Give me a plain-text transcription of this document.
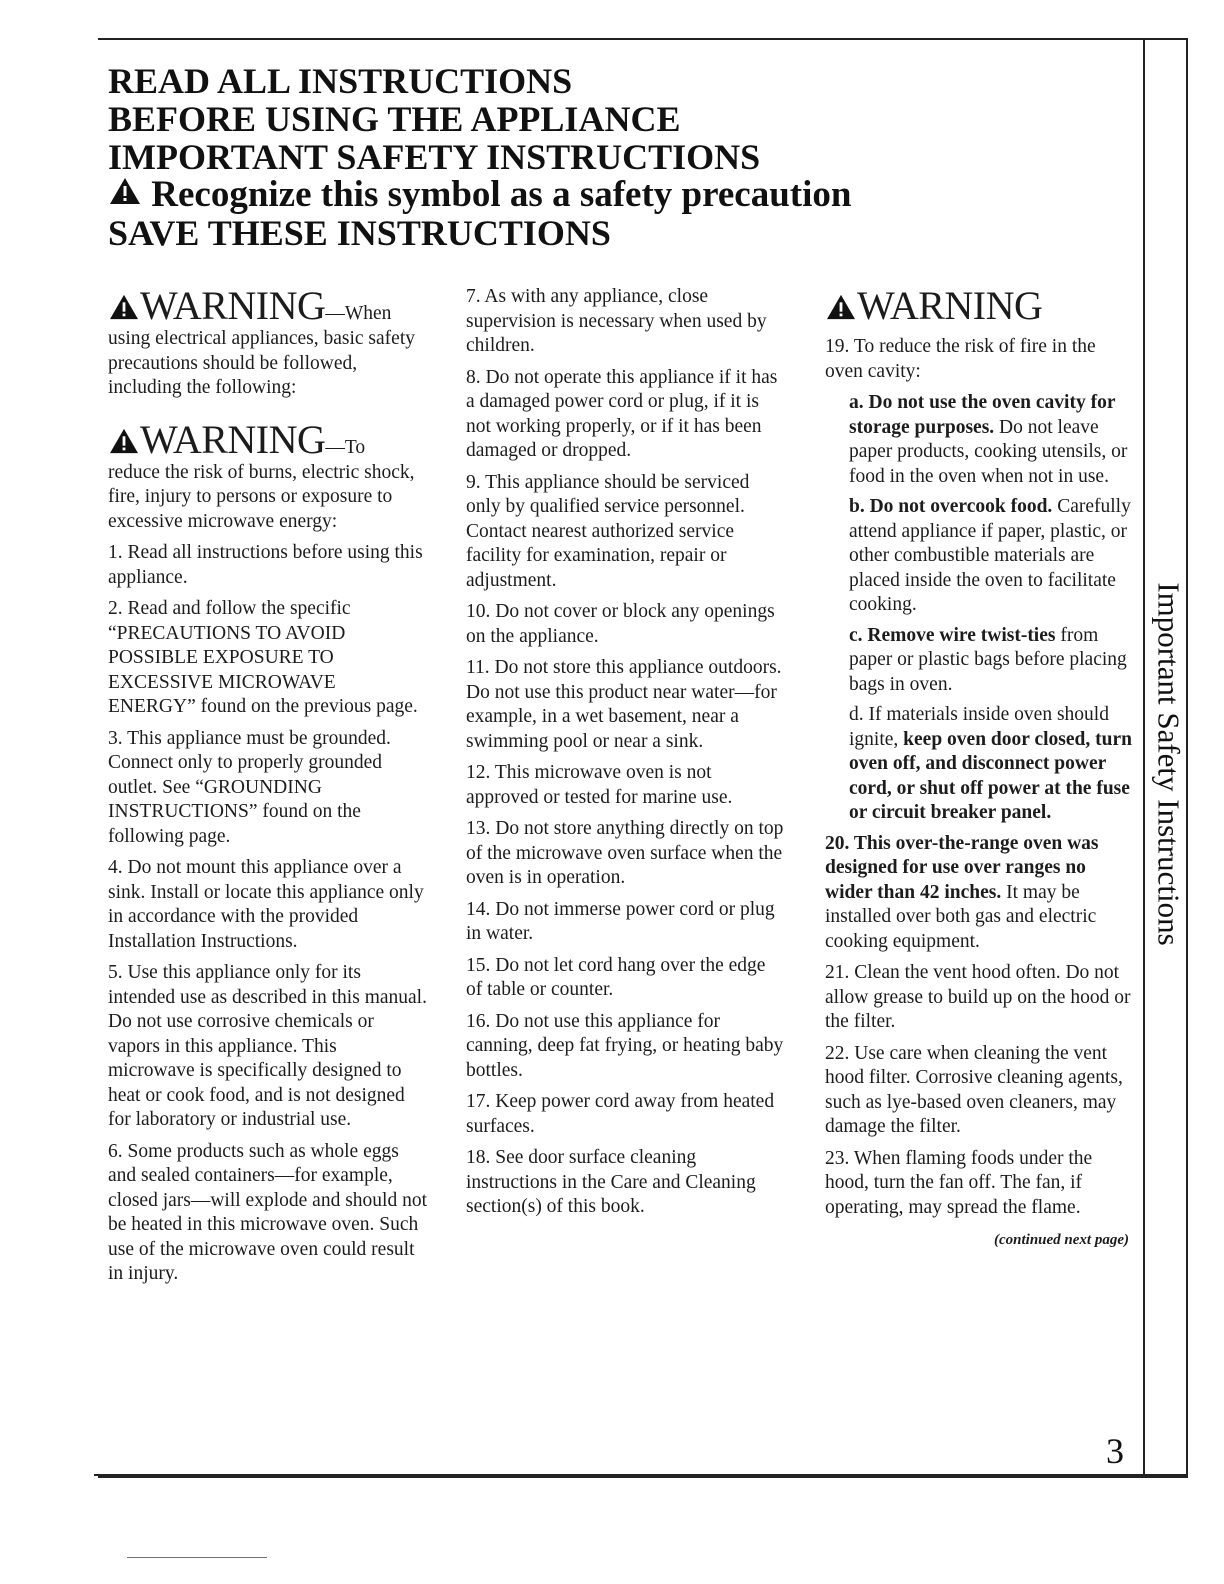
READ ALL INSTRUCTIONS
BEFORE USING THE APPLIANCE
IMPORTANT SAFETY INSTRUCTIONS
Recognize this symbol as a safety precaution
SAVE THESE INSTRUCTIONS
WARNING—When
using electrical appliances, basic safety precautions should be followed, including the following:
WARNING—To
reduce the risk of burns, electric shock, fire, injury to persons or exposure to excessive microwave energy:
1. Read all instructions before using this appliance.
2. Read and follow the specific “PRECAUTIONS TO AVOID POSSIBLE EXPOSURE TO EXCESSIVE MICROWAVE ENERGY” found on the previous page.
3. This appliance must be grounded. Connect only to properly grounded outlet. See “GROUNDING INSTRUCTIONS” found on the following page.
4. Do not mount this appliance over a sink. Install or locate this appliance only in accordance with the provided Installation Instructions.
5. Use this appliance only for its intended use as described in this manual. Do not use corrosive chemicals or vapors in this appliance. This microwave is specifically designed to heat or cook food, and is not designed for laboratory or industrial use.
6. Some products such as whole eggs and sealed containers—for example, closed jars—will explode and should not be heated in this microwave oven. Such use of the microwave oven could result in injury.
7. As with any appliance, close supervision is necessary when used by children.
8. Do not operate this appliance if it has a damaged power cord or plug, if it is not working properly, or if it has been damaged or dropped.
9. This appliance should be serviced only by qualified service personnel. Contact nearest authorized service facility for examination, repair or adjustment.
10. Do not cover or block any openings on the appliance.
11. Do not store this appliance outdoors. Do not use this product near water—for example, in a wet basement, near a swimming pool or near a sink.
12. This microwave oven is not approved or tested for marine use.
13. Do not store anything directly on top of the microwave oven surface when the oven is in operation.
14. Do not immerse power cord or plug in water.
15. Do not let cord hang over the edge of table or counter.
16. Do not use this appliance for canning, deep fat frying, or heating baby bottles.
17. Keep power cord away from heated surfaces.
18. See door surface cleaning instructions in the Care and Cleaning section(s) of this book.
WARNING
19. To reduce the risk of fire in the oven cavity:
a. Do not use the oven cavity for storage purposes. Do not leave paper products, cooking utensils, or food in the oven when not in use.
b. Do not overcook food. Carefully attend appliance if paper, plastic, or other combustible materials are placed inside the oven to facilitate cooking.
c. Remove wire twist-ties from paper or plastic bags before placing bags in oven.
d. If materials inside oven should ignite, keep oven door closed, turn oven off, and disconnect power cord, or shut off power at the fuse or circuit breaker panel.
20. This over-the-range oven was designed for use over ranges no wider than 42 inches. It may be installed over both gas and electric cooking equipment.
21. Clean the vent hood often. Do not allow grease to build up on the hood or the filter.
22. Use care when cleaning the vent hood filter. Corrosive cleaning agents, such as lye-based oven cleaners, may damage the filter.
23. When flaming foods under the hood, turn the fan off. The fan, if operating, may spread the flame.
(continued next page)
Important Safety Instructions
3
